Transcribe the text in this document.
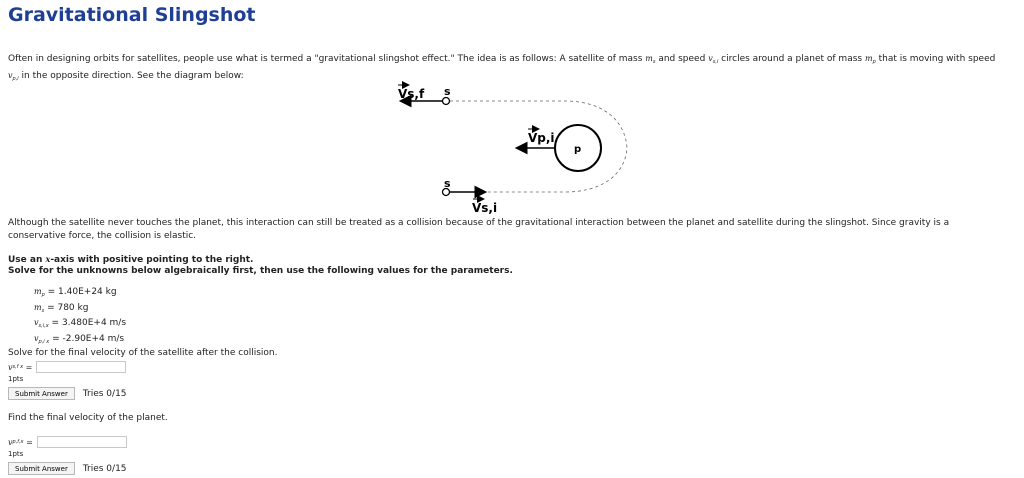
Gravitational Slingshot
Often in designing orbits for satellites, people use what is termed a "gravitational slingshot effect." The idea is as follows: A satellite of mass $m_s$ and speed $v_{s,i}$ circles around a planet of mass $m_p$ that is moving with speed $v_{p,i}$ in the opposite direction. See the diagram below:
Vs,f s
p
Vp,i
s
Vs,i
Although the satellite never touches the planet, this interaction can still be treated as a collision because of the gravitational interaction between the planet and satellite during the slingshot. Since gravity is a conservative force, the collision is elastic.
Use an x-axis with positive pointing to the right.
Solve for the unknowns below algebraically first, then use the following values for the parameters.
$m_p = 1.40E+24$ kg
$m_s = 780$ kg
$v_{s,i,x} = 3.480E+4$ m/s
$v_{p,i x} = -2.90E+4$ m/s
Solve for the final velocity of the satellite after the collision.
v s,f x
=
1pts
Submit Answer	Tries 0/15
Find the final velocity of the planet.
v p,f,x
=
1pts
Submit Answer	Tries 0/15
